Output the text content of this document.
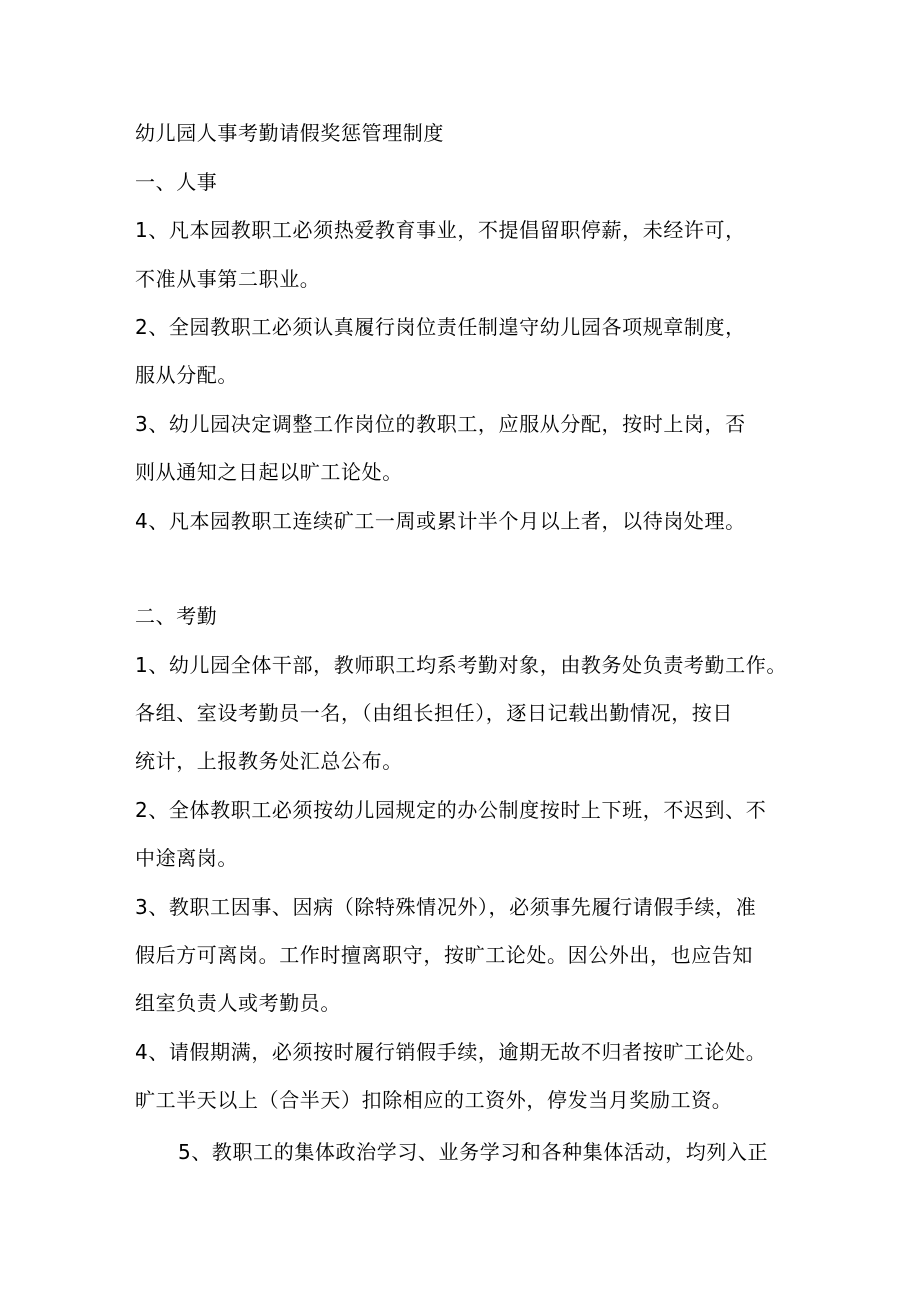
幼儿园人事考勤请假奖惩管理制度
一、人事
1、凡本园教职工必须热爱教育事业，不提倡留职停薪，未经许可，
不准从事第二职业。
2、全园教职工必须认真履行岗位责任制遑守幼儿园各项规章制度，
服从分配。
3、幼儿园决定调整工作岗位的教职工，应服从分配，按时上岗，否
则从通知之日起以旷工论处。
4、凡本园教职工连续矿工一周或累计半个月以上者，以待岗处理。
二、考勤
1、幼儿园全体干部，教师职工均系考勤对象，由教务处负责考勤工作。
各组、室设考勤员一名，（由组长担任），逐日记载出勤情况，按日
统计，上报教务处汇总公布。
2、全体教职工必须按幼儿园规定的办公制度按时上下班，不迟到、不
中途离岗。
3、教职工因事、因病（除特殊情况外），必须事先履行请假手续，准
假后方可离岗。工作时擅离职守，按旷工论处。因公外出，也应告知
组室负责人或考勤员。
4、请假期满，必须按时履行销假手续，逾期无故不归者按旷工论处。
旷工半天以上（合半天）扣除相应的工资外，停发当月奖励工资。
5、教职工的集体政治学习、业务学习和各种集体活动，均列入正
